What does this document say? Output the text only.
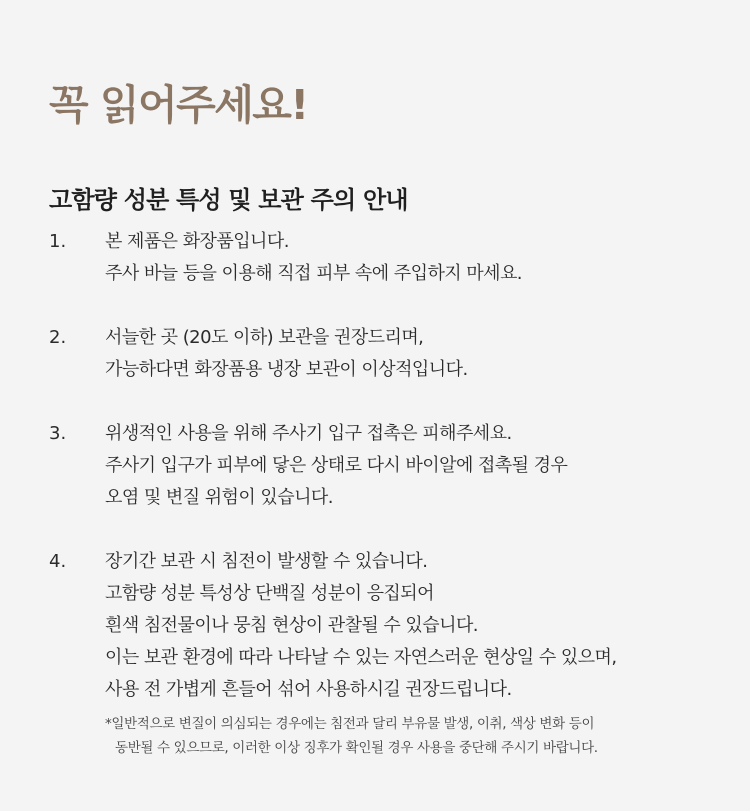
꼭 읽어주세요!
고함량 성분 특성 및 보관 주의 안내
1.	본 제품은 화장품입니다.
주사 바늘 등을 이용해 직접 피부 속에 주입하지 마세요.
2.	서늘한 곳 (20도 이하) 보관을 권장드리며,
가능하다면 화장품용 냉장 보관이 이상적입니다.
3.	위생적인 사용을 위해 주사기 입구 접촉은 피해주세요.
주사기 입구가 피부에 닿은 상태로 다시 바이알에 접촉될 경우
오염 및 변질 위험이 있습니다.
4.	장기간 보관 시 침전이 발생할 수 있습니다.
고함량 성분 특성상 단백질 성분이 응집되어
흰색 침전물이나 뭉침 현상이 관찰될 수 있습니다.
이는 보관 환경에 따라 나타날 수 있는 자연스러운 현상일 수 있으며,
사용 전 가볍게 흔들어 섞어 사용하시길 권장드립니다.
*일반적으로 변질이 의심되는 경우에는 침전과 달리 부유물 발생, 이취, 색상 변화 등이
동반될 수 있으므로, 이러한 이상 징후가 확인될 경우 사용을 중단해 주시기 바랍니다.
